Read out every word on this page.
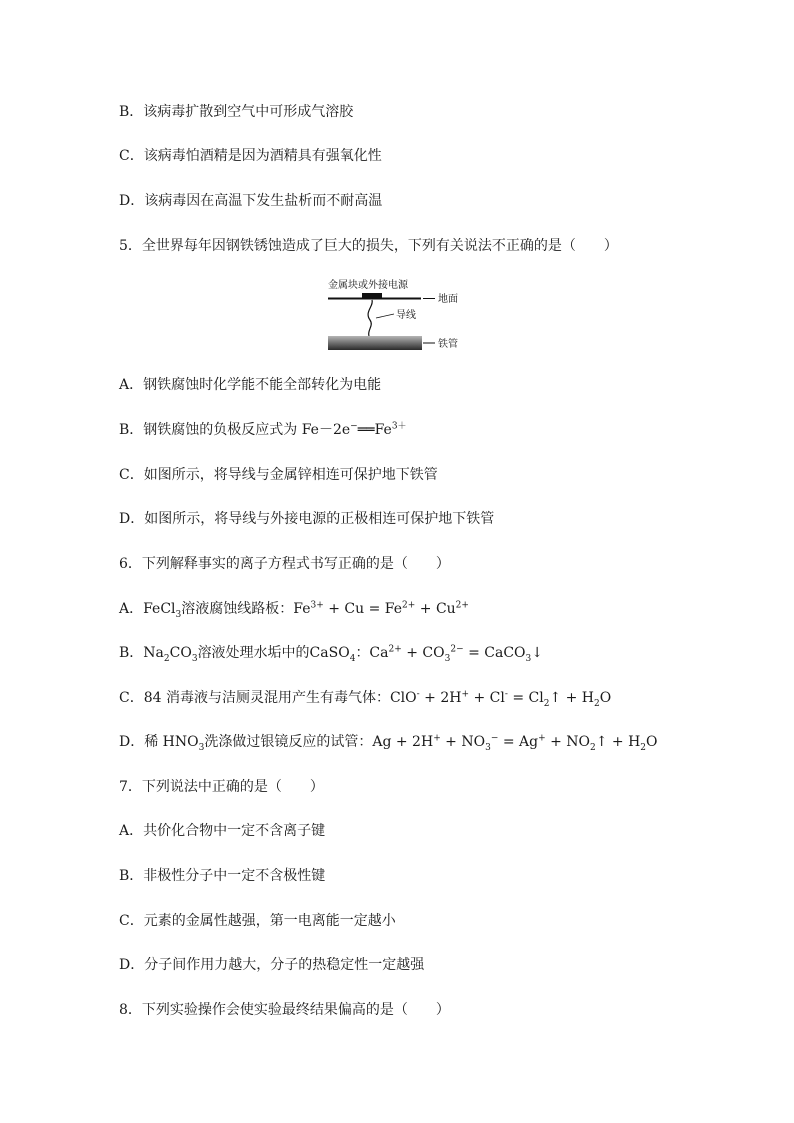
B．该病毒扩散到空气中可形成气溶胶
C．该病毒怕酒精是因为酒精具有强氧化性
D．该病毒因在高温下发生盐析而不耐高温
5．全世界每年因钢铁锈蚀造成了巨大的损失，下列有关说法不正确的是（　　）
金属块或外接电源
地面
导线
铁管
A．钢铁腐蚀时化学能不能全部转化为电能
B．钢铁腐蚀的负极反应式为 $Fe-2e^-══Fe^{3+}$
C．如图所示，将导线与金属锌相连可保护地下铁管
D．如图所示，将导线与外接电源的正极相连可保护地下铁管
6．下列解释事实的离子方程式书写正确的是（　　）
A．FeCl$_3$溶液腐蚀线路板：$Fe^{3+} + Cu = Fe^{2+} + Cu^{2+}$
B．$Na_2CO_3$溶液处理水垢中的CaSO$_4$：$Ca^{2+} + CO_3^{2-}$ = CaCO$_3$↓
C．84 消毒液与洁厕灵混用产生有毒气体：$ClO^- + 2H^+ + Cl^- = Cl_2↑ + H_2O$
D．稀 $HNO_3$洗涤做过银镜反应的试管：$Ag + 2H^+ + NO_3^- = Ag^+$ + $NO_2↑ + H_2O$
7．下列说法中正确的是（　　）
A．共价化合物中一定不含离子键
B．非极性分子中一定不含极性键
C．元素的金属性越强，第一电离能一定越小
D．分子间作用力越大，分子的热稳定性一定越强
8．下列实验操作会使实验最终结果偏高的是（　　）
